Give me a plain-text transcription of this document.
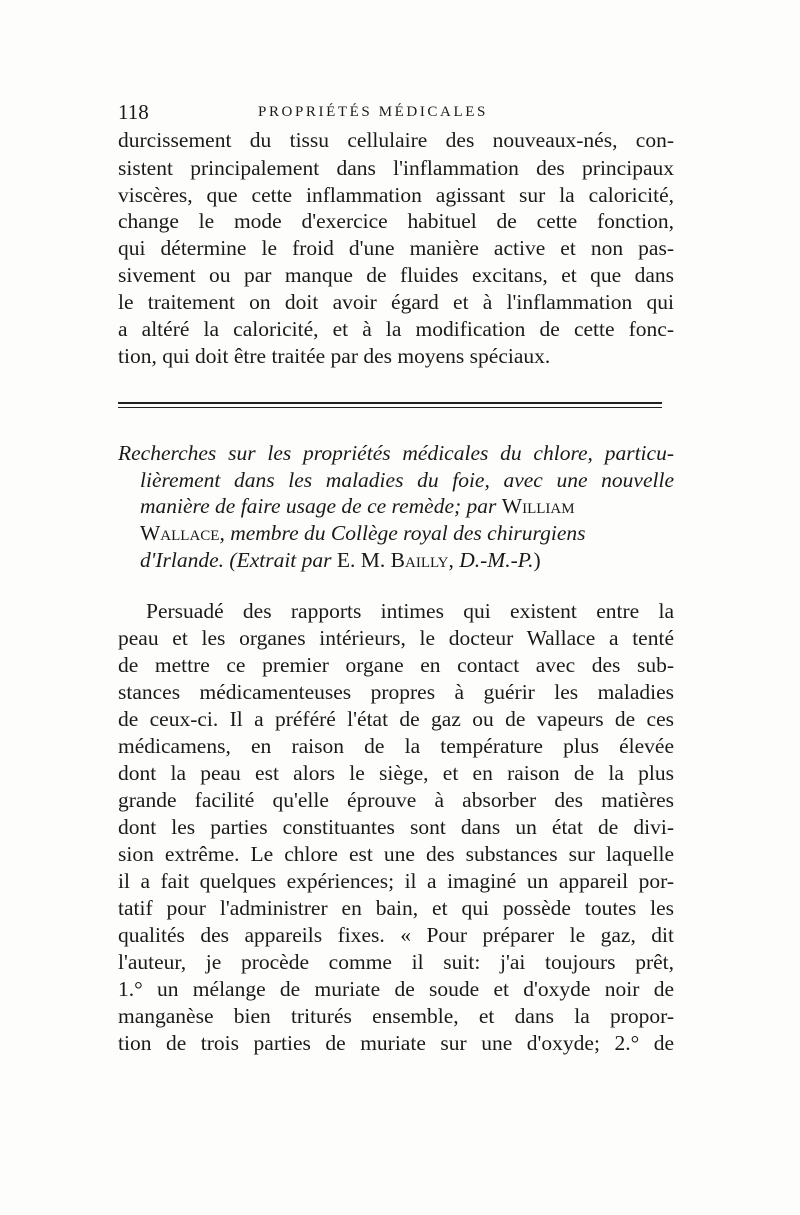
118	PROPRIÉTÉS MÉDICALES
durcissement du tissu cellulaire des nouveaux-nés, con-
sistent principalement dans l'inflammation des principaux
viscères, que cette inflammation agissant sur la caloricité,
change le mode d'exercice habituel de cette fonction,
qui détermine le froid d'une manière active et non pas-
sivement ou par manque de fluides excitans, et que dans
le traitement on doit avoir égard et à l'inflammation qui
a altéré la caloricité, et à la modification de cette fonc-
tion, qui doit être traitée par des moyens spéciaux.
Recherches sur les propriétés médicales du chlore, particu-
lièrement dans les maladies du foie, avec une nouvelle
manière de faire usage de ce remède; par William
Wallace, membre du Collège royal des chirurgiens
d'Irlande. (Extrait par E. M. Bailly, D.-M.-P.)
Persuadé des rapports intimes qui existent entre la
peau et les organes intérieurs, le docteur Wallace a tenté
de mettre ce premier organe en contact avec des sub-
stances médicamenteuses propres à guérir les maladies
de ceux-ci. Il a préféré l'état de gaz ou de vapeurs de ces
médicamens, en raison de la température plus élevée
dont la peau est alors le siège, et en raison de la plus
grande facilité qu'elle éprouve à absorber des matières
dont les parties constituantes sont dans un état de divi-
sion extrême. Le chlore est une des substances sur laquelle
il a fait quelques expériences; il a imaginé un appareil por-
tatif pour l'administrer en bain, et qui possède toutes les
qualités des appareils fixes. « Pour préparer le gaz, dit
l'auteur, je procède comme il suit: j'ai toujours prêt,
1.° un mélange de muriate de soude et d'oxyde noir de
manganèse bien triturés ensemble, et dans la propor-
tion de trois parties de muriate sur une d'oxyde; 2.° de
